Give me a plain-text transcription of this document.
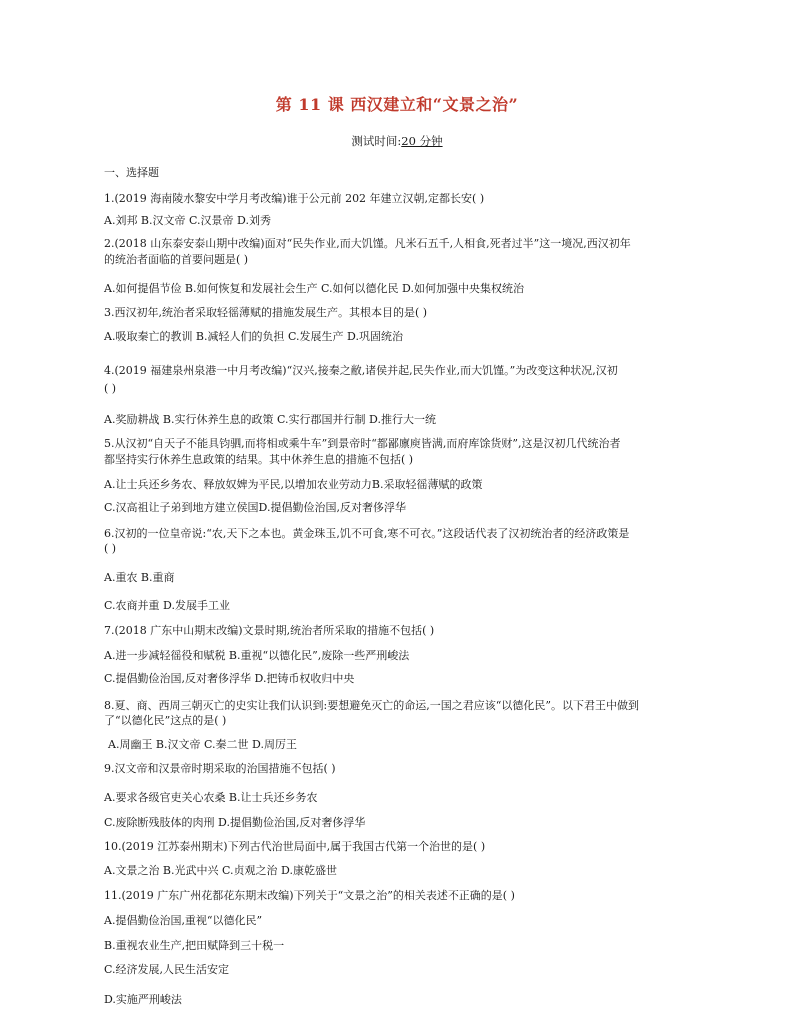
第 11 课 西汉建立和“文景之治”
测试时间:20 分钟
一、选择题
1.(2019 海南陵水黎安中学月考改编)谁于公元前 202 年建立汉朝,定都长安( )
A.刘邦 B.汉文帝 C.汉景帝 D.刘秀
2.(2018 山东泰安泰山期中改编)面对“民失作业,而大饥馑。凡米石五千,人相食,死者过半”这一境况,西汉初年
的统治者面临的首要问题是( )
A.如何提倡节俭 B.如何恢复和发展社会生产 C.如何以德化民 D.如何加强中央集权统治
3.西汉初年,统治者采取轻徭薄赋的措施发展生产。其根本目的是( )
A.吸取秦亡的教训 B.减轻人们的负担 C.发展生产 D.巩固统治
4.(2019 福建泉州泉港一中月考改编)“汉兴,接秦之敝,诸侯并起,民失作业,而大饥馑。”为改变这种状况,汉初
( )
A.奖励耕战 B.实行休养生息的政策 C.实行郡国并行制 D.推行大一统
5.从汉初“自天子不能具钧驷,而将相或乘牛车”到景帝时“都鄙廪庾皆满,而府库馀货财”,这是汉初几代统治者
都坚持实行休养生息政策的结果。其中休养生息的措施不包括( )
A.让士兵还乡务农、释放奴婢为平民,以增加农业劳动力B.采取轻徭薄赋的政策
C.汉高祖让子弟到地方建立侯国D.提倡勤俭治国,反对奢侈浮华
6.汉初的一位皇帝说:“农,天下之本也。黄金珠玉,饥不可食,寒不可衣。”这段话代表了汉初统治者的经济政策是
( )
A.重农 B.重商
C.农商并重 D.发展手工业
7.(2018 广东中山期末改编)文景时期,统治者所采取的措施不包括( )
A.进一步减轻徭役和赋税 B.重视“以德化民”,废除一些严刑峻法
C.提倡勤俭治国,反对奢侈浮华 D.把铸币权收归中央
8.夏、商、西周三朝灭亡的史实让我们认识到:要想避免灭亡的命运,一国之君应该“以德化民”。以下君王中做到
了“以德化民”这点的是( )
A.周幽王 B.汉文帝 C.秦二世 D.周厉王
9.汉文帝和汉景帝时期采取的治国措施不包括( )
A.要求各级官吏关心农桑 B.让士兵还乡务农
C.废除断残肢体的肉刑 D.提倡勤俭治国,反对奢侈浮华
10.(2019 江苏泰州期末)下列古代治世局面中,属于我国古代第一个治世的是( )
A.文景之治 B.光武中兴 C.贞观之治 D.康乾盛世
11.(2019 广东广州花都花东期末改编)下列关于“文景之治”的相关表述不正确的是( )
A.提倡勤俭治国,重视“以德化民”
B.重视农业生产,把田赋降到三十税一
C.经济发展,人民生活安定
D.实施严刑峻法
